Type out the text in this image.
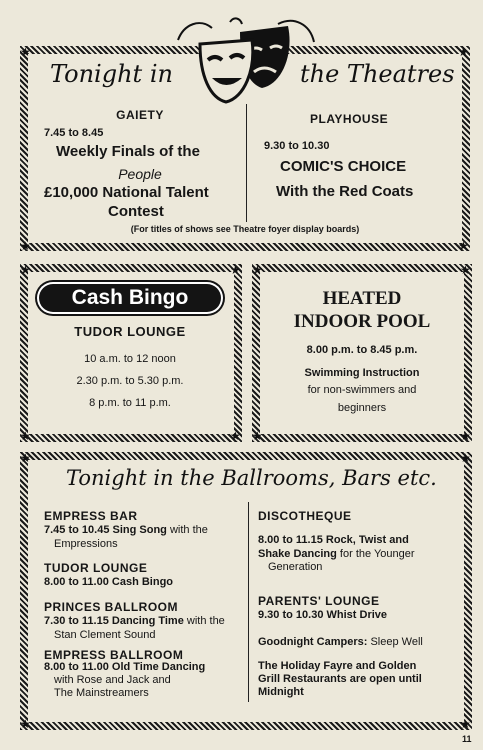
★	★
★	★
Tonight in	the Theatres
GAIETY
7.45 to 8.45
Weekly Finals of the
People
£10,000 National Talent
Contest
PLAYHOUSE
9.30 to 10.30
COMIC'S CHOICE
With the Red Coats
(For titles of shows see Theatre foyer display boards)
★	★
★	★
Cash Bingo
TUDOR LOUNGE
10 a.m. to 12 noon
2.30 p.m. to 5.30 p.m.
8 p.m. to 11 p.m.
★	★
★	★
HEATED
INDOOR POOL
8.00 p.m. to 8.45 p.m.
Swimming Instruction
for non-swimmers and
beginners
★	★
★	★
Tonight in the Ballrooms, Bars etc.
EMPRESS BAR
7.45 to 10.45 Sing Song with the
Empressions
TUDOR LOUNGE
8.00 to 11.00 Cash Bingo
PRINCES BALLROOM
7.30 to 11.15 Dancing Time with the
Stan Clement Sound
EMPRESS BALLROOM
8.00 to 11.00 Old Time Dancing
with Rose and Jack and
The Mainstreamers
DISCOTHEQUE
8.00 to 11.15 Rock, Twist and
Shake Dancing for the Younger
Generation
PARENTS' LOUNGE
9.30 to 10.30 Whist Drive
Goodnight Campers: Sleep Well
The Holiday Fayre and Golden
Grill Restaurants are open until
Midnight
11
